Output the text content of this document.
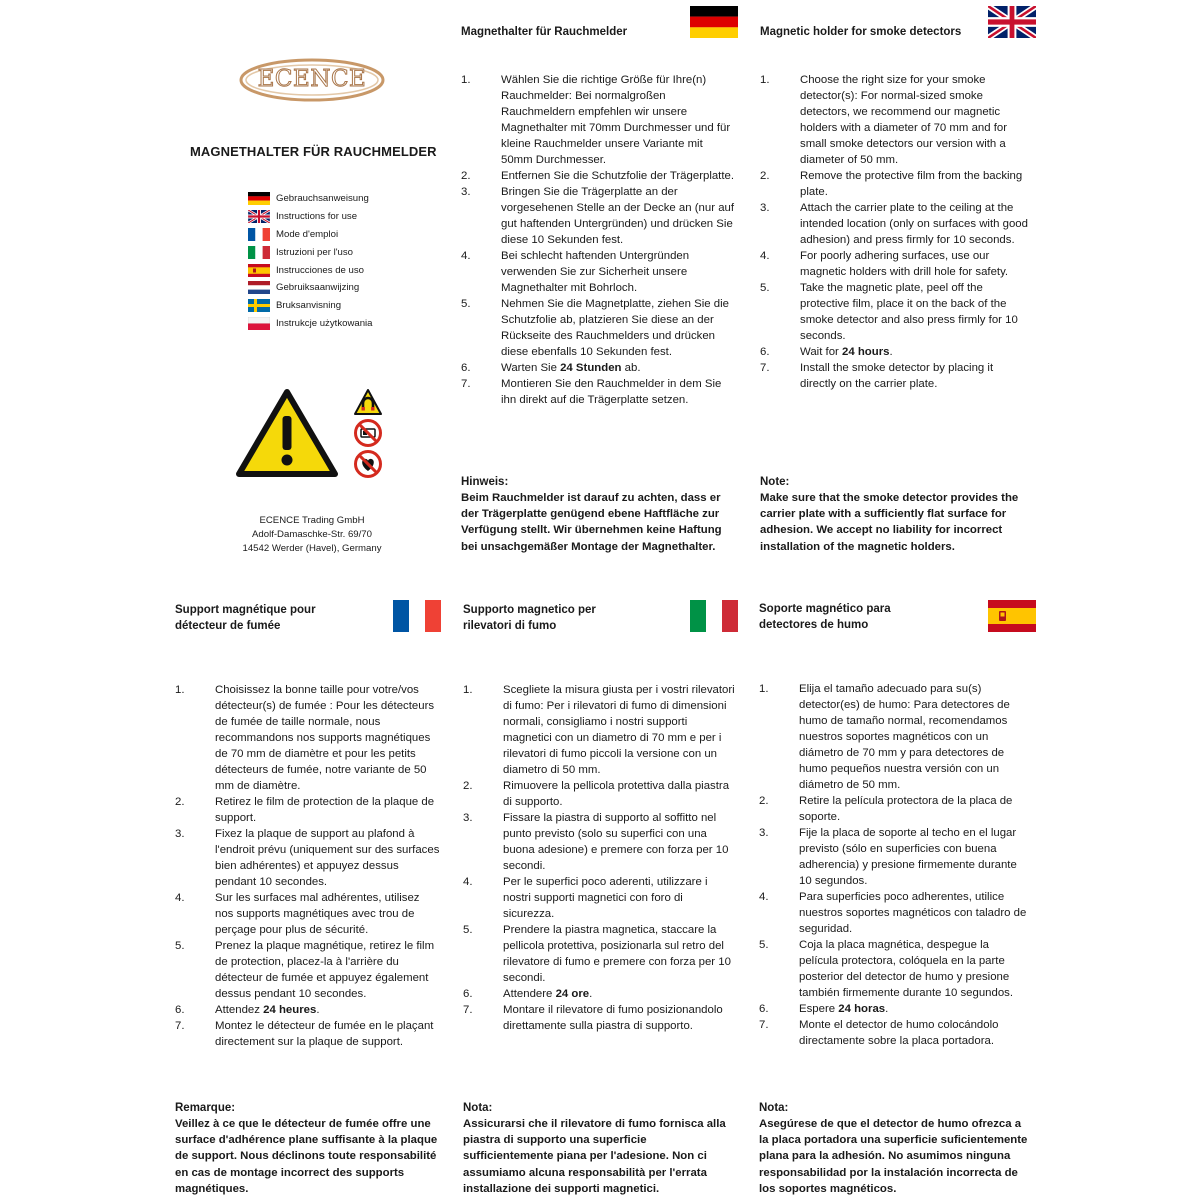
ECENCE
MAGNETHALTER FÜR RAUCHMELDER
Gebrauchsanweisung
Instructions for use
Mode d'emploi
Istruzioni per l'uso
Instrucciones de uso
Gebruiksaanwijzing
Bruksanvisning
Instrukcje użytkowania
ECENCE Trading GmbH
Adolf-Damaschke-Str. 69/70
14542 Werder (Havel), Germany
Magnethalter für Rauchmelder
1.	Wählen Sie die richtige Größe für Ihre(n) Rauchmelder: Bei normalgroßen Rauchmeldern empfehlen wir unsere Magnethalter mit 70mm Durchmesser und für kleine Rauchmelder unsere Variante mit 50mm Durchmesser.
2.	Entfernen Sie die Schutzfolie der Trägerplatte.
3.	Bringen Sie die Trägerplatte an der vorgesehenen Stelle an der Decke an (nur auf gut haftenden Untergründen) und drücken Sie diese 10 Sekunden fest.
4.	Bei schlecht haftenden Untergründen verwenden Sie zur Sicherheit unsere Magnethalter mit Bohrloch.
5.	Nehmen Sie die Magnetplatte, ziehen Sie die Schutzfolie ab, platzieren Sie diese an der Rückseite des Rauchmelders und drücken diese ebenfalls 10 Sekunden fest.
6.	Warten Sie 24 Stunden ab.
7.	Montieren Sie den Rauchmelder in dem Sie ihn direkt auf die Trägerplatte setzen.
Hinweis:
Beim Rauchmelder ist darauf zu achten, dass er der Trägerplatte genügend ebene Haftfläche zur Verfügung stellt. Wir übernehmen keine Haftung bei unsachgemäßer Montage der Magnethalter.
Magnetic holder for smoke detectors
1.	Choose the right size for your smoke detector(s): For normal-sized smoke detectors, we recommend our magnetic holders with a diameter of 70 mm and for small smoke detectors our version with a diameter of 50 mm.
2.	Remove the protective film from the backing plate.
3.	Attach the carrier plate to the ceiling at the intended location (only on surfaces with good adhesion) and press firmly for 10 seconds.
4.	For poorly adhering surfaces, use our magnetic holders with drill hole for safety.
5.	Take the magnetic plate, peel off the protective film, place it on the back of the smoke detector and also press firmly for 10 seconds.
6.	Wait for 24 hours.
7.	Install the smoke detector by placing it directly on the carrier plate.
Note:
Make sure that the smoke detector provides the carrier plate with a sufficiently flat surface for adhesion. We accept no liability for incorrect installation of the magnetic holders.
Support magnétique pour détecteur de fumée
1.	Choisissez la bonne taille pour votre/vos détecteur(s) de fumée : Pour les détecteurs de fumée de taille normale, nous recommandons nos supports magnétiques de 70 mm de diamètre et pour les petits détecteurs de fumée, notre variante de 50 mm de diamètre.
2.	Retirez le film de protection de la plaque de support.
3.	Fixez la plaque de support au plafond à l'endroit prévu (uniquement sur des surfaces bien adhérentes) et appuyez dessus pendant 10 secondes.
4.	Sur les surfaces mal adhérentes, utilisez nos supports magnétiques avec trou de perçage pour plus de sécurité.
5.	Prenez la plaque magnétique, retirez le film de protection, placez-la à l'arrière du détecteur de fumée et appuyez également dessus pendant 10 secondes.
6.	Attendez 24 heures.
7.	Montez le détecteur de fumée en le plaçant directement sur la plaque de support.
Remarque:
Veillez à ce que le détecteur de fumée offre une surface d'adhérence plane suffisante à la plaque de support. Nous déclinons toute responsabilité en cas de montage incorrect des supports magnétiques.
Supporto magnetico per rilevatori di fumo
1.	Scegliete la misura giusta per i vostri rilevatori di fumo: Per i rilevatori di fumo di dimensioni normali, consigliamo i nostri supporti magnetici con un diametro di 70 mm e per i rilevatori di fumo piccoli la versione con un diametro di 50 mm.
2.	Rimuovere la pellicola protettiva dalla piastra di supporto.
3.	Fissare la piastra di supporto al soffitto nel punto previsto (solo su superfici con una buona adesione) e premere con forza per 10 secondi.
4.	Per le superfici poco aderenti, utilizzare i nostri supporti magnetici con foro di sicurezza.
5.	Prendere la piastra magnetica, staccare la pellicola protettiva, posizionarla sul retro del rilevatore di fumo e premere con forza per 10 secondi.
6.	Attendere 24 ore.
7.	Montare il rilevatore di fumo posizionandolo direttamente sulla piastra di supporto.
Nota:
Assicurarsi che il rilevatore di fumo fornisca alla piastra di supporto una superficie sufficientemente piana per l'adesione. Non ci assumiamo alcuna responsabilità per l'errata installazione dei supporti magnetici.
Soporte magnético para detectores de humo
1.	Elija el tamaño adecuado para su(s) detector(es) de humo: Para detectores de humo de tamaño normal, recomendamos nuestros soportes magnéticos con un diámetro de 70 mm y para detectores de humo pequeños nuestra versión con un diámetro de 50 mm.
2.	Retire la película protectora de la placa de soporte.
3.	Fije la placa de soporte al techo en el lugar previsto (sólo en superficies con buena adherencia) y presione firmemente durante 10 segundos.
4.	Para superficies poco adherentes, utilice nuestros soportes magnéticos con taladro de seguridad.
5.	Coja la placa magnética, despegue la película protectora, colóquela en la parte posterior del detector de humo y presione también firmemente durante 10 segundos.
6.	Espere 24 horas.
7.	Monte el detector de humo colocándolo directamente sobre la placa portadora.
Nota:
Asegúrese de que el detector de humo ofrezca a la placa portadora una superficie suficientemente plana para la adhesión. No asumimos ninguna responsabilidad por la instalación incorrecta de los soportes magnéticos.
